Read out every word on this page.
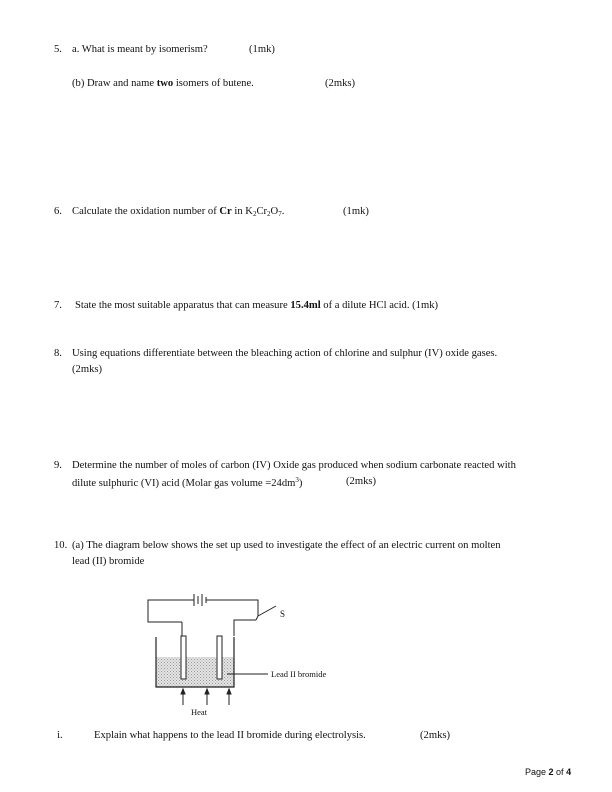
5. a. What is meant by isomerism?	(1mk)
(b) Draw and name two isomers of butene.	(2mks)
6. Calculate the oxidation number of Cr in $K_2Cr_2O_7$.	(1mk)
7. State the most suitable apparatus that can measure 15.4ml of a dilute HCl acid. (1mk)
8. Using equations differentiate between the bleaching action of chlorine and sulphur (IV) oxide gases.
(2mks)
9. Determine the number of moles of carbon (IV) Oxide gas produced when sodium carbonate reacted with
dilute sulphuric (VI) acid (Molar gas volume $=24dm^3$)	(2mks)
10. (a) The diagram below shows the set up used to investigate the effect of an electric current on molten
lead (II) bromide
S
Lead II bromide
Heat
i.	Explain what happens to the lead II bromide during electrolysis.	(2mks)
Page 2 of 4
